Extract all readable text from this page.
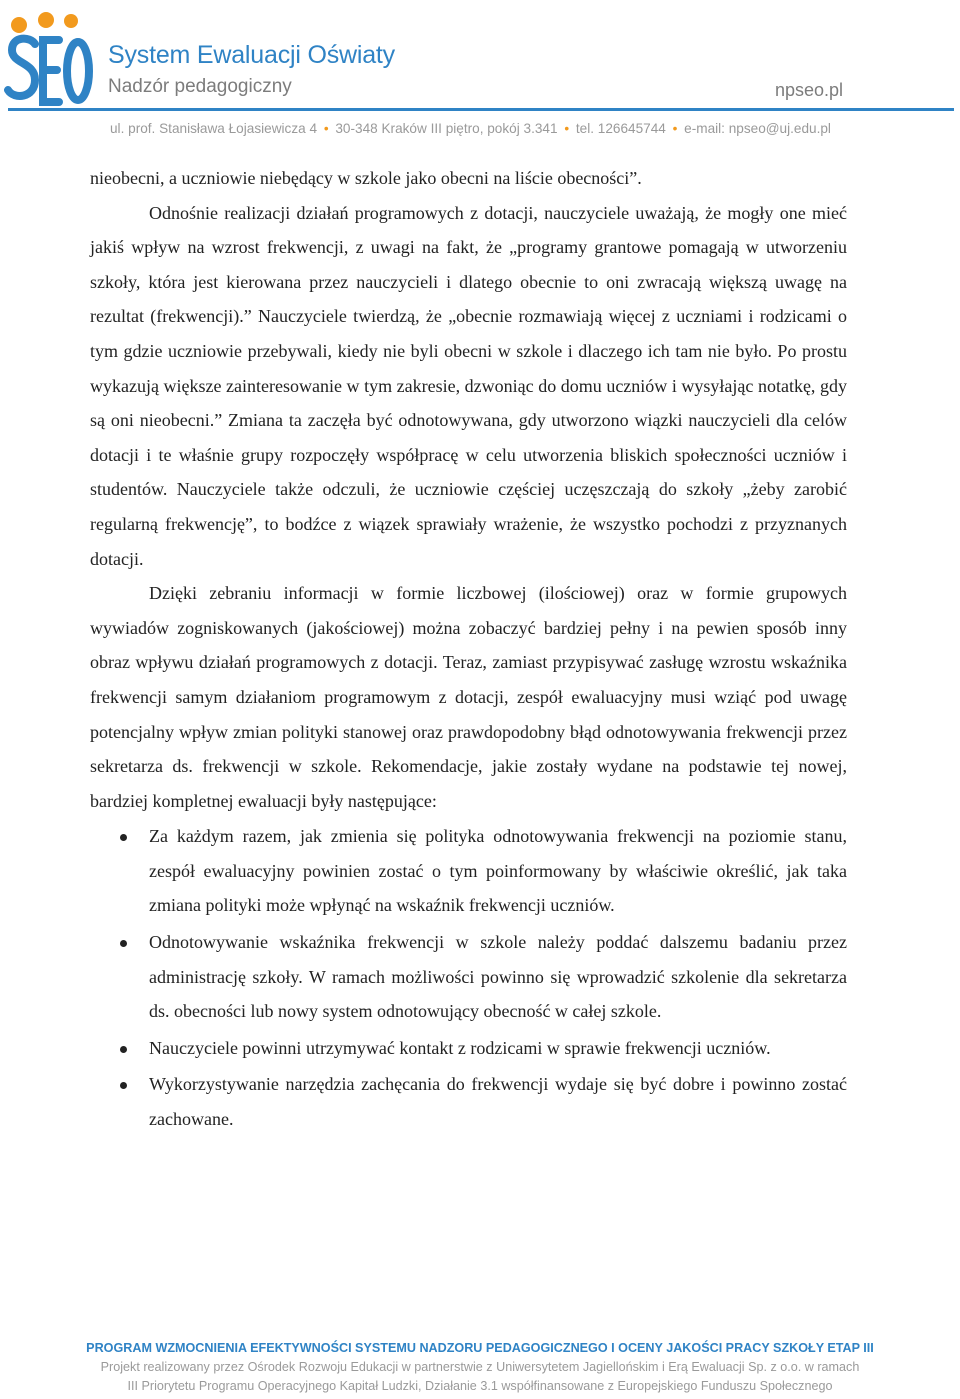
System Ewaluacji Oświaty
Nadzór pedagogiczny	npseo.pl
ul. prof. Stanisława Łojasiewicza 4 • 30-348 Kraków III piętro, pokój 3.341 • tel. 126645744 • e-mail: npseo@uj.edu.pl

nieobecni, a uczniowie niebędący w szkole jako obecni na liście obecności”.

Odnośnie realizacji działań programowych z dotacji, nauczyciele uważają, że mogły one mieć jakiś wpływ na wzrost frekwencji, z uwagi na fakt, że „programy grantowe pomagają w utworzeniu szkoły, która jest kierowana przez nauczycieli i dlatego obecnie to oni zwracają większą uwagę na rezultat (frekwencji).” Nauczyciele twierdzą, że „obecnie rozmawiają więcej z uczniami i rodzicami o tym gdzie uczniowie przebywali, kiedy nie byli obecni w szkole i dlaczego ich tam nie było. Po prostu wykazują większe zainteresowanie w tym zakresie, dzwoniąc do domu uczniów i wysyłając notatkę, gdy są oni nieobecni.” Zmiana ta zaczęła być odnotowywana, gdy utworzono wiązki nauczycieli dla celów dotacji i te właśnie grupy rozpoczęły współpracę w celu utworzenia bliskich społeczności uczniów i studentów. Nauczyciele także odczuli, że uczniowie częściej uczęszczają do szkoły „żeby zarobić regularną frekwencję”, to bodźce z wiązek sprawiały wrażenie, że wszystko pochodzi z przyznanych dotacji.

Dzięki zebraniu informacji w formie liczbowej (ilościowej) oraz w formie grupowych wywiadów zogniskowanych (jakościowej) można zobaczyć bardziej pełny i na pewien sposób inny obraz wpływu działań programowych z dotacji. Teraz, zamiast przypisywać zasługę wzrostu wskaźnika frekwencji samym działaniom programowym z dotacji, zespół ewaluacyjny musi wziąć pod uwagę potencjalny wpływ zmian polityki stanowej oraz prawdopodobny błąd odnotowywania frekwencji przez sekretarza ds. frekwencji w szkole. Rekomendacje, jakie zostały wydane na podstawie tej nowej, bardziej kompletnej ewaluacji były następujące:

Za każdym razem, jak zmienia się polityka odnotowywania frekwencji na poziomie stanu, zespół ewaluacyjny powinien zostać o tym poinformowany by właściwie określić, jak taka zmiana polityki może wpłynąć na wskaźnik frekwencji uczniów.
Odnotowywanie wskaźnika frekwencji w szkole należy poddać dalszemu badaniu przez administrację szkoły. W ramach możliwości powinno się wprowadzić szkolenie dla sekretarza ds. obecności lub nowy system odnotowujący obecność w całej szkole.
Nauczyciele powinni utrzymywać kontakt z rodzicami w sprawie frekwencji uczniów.
Wykorzystywanie narzędzia zachęcania do frekwencji wydaje się być dobre i powinno zostać zachowane.
PROGRAM WZMOCNIENIA EFEKTYWNOŚCI SYSTEMU NADZORU PEDAGOGICZNEGO I OCENY JAKOŚCI PRACY SZKOŁY ETAP III
Projekt realizowany przez Ośrodek Rozwoju Edukacji w partnerstwie z Uniwersytetem Jagiellońskim i Erą Ewaluacji Sp. z o.o. w ramach
III Priorytetu Programu Operacyjnego Kapitał Ludzki, Działanie 3.1 współfinansowane z Europejskiego Funduszu Społecznego
